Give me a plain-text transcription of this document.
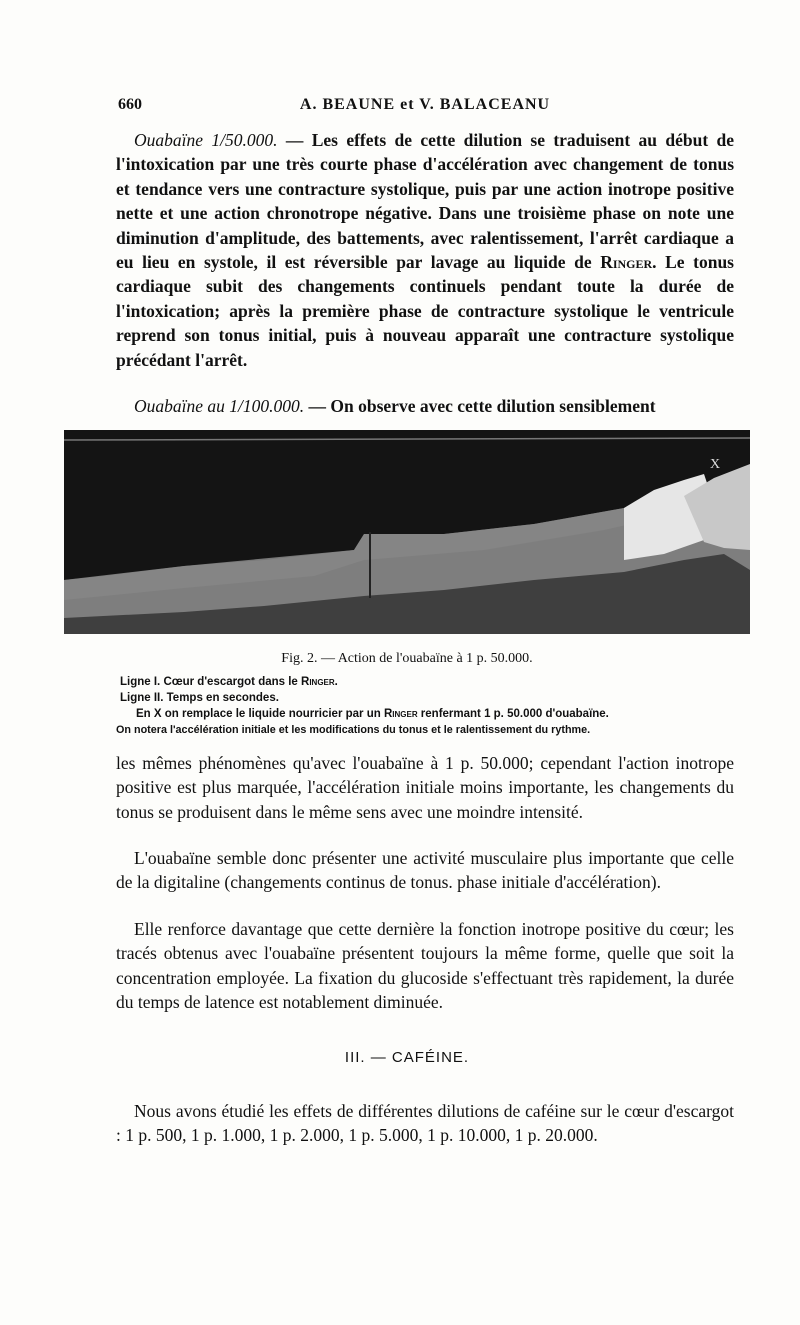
660	A. BEAUNE et V. BALACEANU

Ouabaïne 1/50.000. — Les effets de cette dilution se traduisent au début de l'intoxication par une très courte phase d'accélération avec changement de tonus et tendance vers une contracture systolique, puis par une action inotrope positive nette et une action chronotrope négative. Dans une troisième phase on note une diminution d'amplitude, des battements, avec ralentissement, l'arrêt cardiaque a eu lieu en systole, il est réversible par lavage au liquide de Ringer. Le tonus cardiaque subit des changements continuels pendant toute la durée de l'intoxication; après la première phase de contracture systolique le ventricule reprend son tonus initial, puis à nouveau apparaît une contracture systolique précédant l'arrêt.

Ouabaïne au 1/100.000. — On observe avec cette dilution sensiblement

X
Fig. 2. — Action de l'ouabaïne à 1 p. 50.000.
Ligne I. Cœur d'escargot dans le Ringer.
Ligne II. Temps en secondes.
En X on remplace le liquide nourricier par un Ringer renfermant 1 p. 50.000 d'ouabaïne.
On notera l'accélération initiale et les modifications du tonus et le ralentissement du rythme.

les mêmes phénomènes qu'avec l'ouabaïne à 1 p. 50.000; cependant l'action inotrope positive est plus marquée, l'accélération initiale moins importante, les changements du tonus se produisent dans le même sens avec une moindre intensité.

L'ouabaïne semble donc présenter une activité musculaire plus importante que celle de la digitaline (changements continus de tonus. phase initiale d'accélération).

Elle renforce davantage que cette dernière la fonction inotrope positive du cœur; les tracés obtenus avec l'ouabaïne présentent toujours la même forme, quelle que soit la concentration employée. La fixation du glucoside s'effectuant très rapidement, la durée du temps de latence est notablement diminuée.

III. — CAFÉINE.

Nous avons étudié les effets de différentes dilutions de caféine sur le cœur d'escargot : 1 p. 500, 1 p. 1.000, 1 p. 2.000, 1 p. 5.000, 1 p. 10.000, 1 p. 20.000.
